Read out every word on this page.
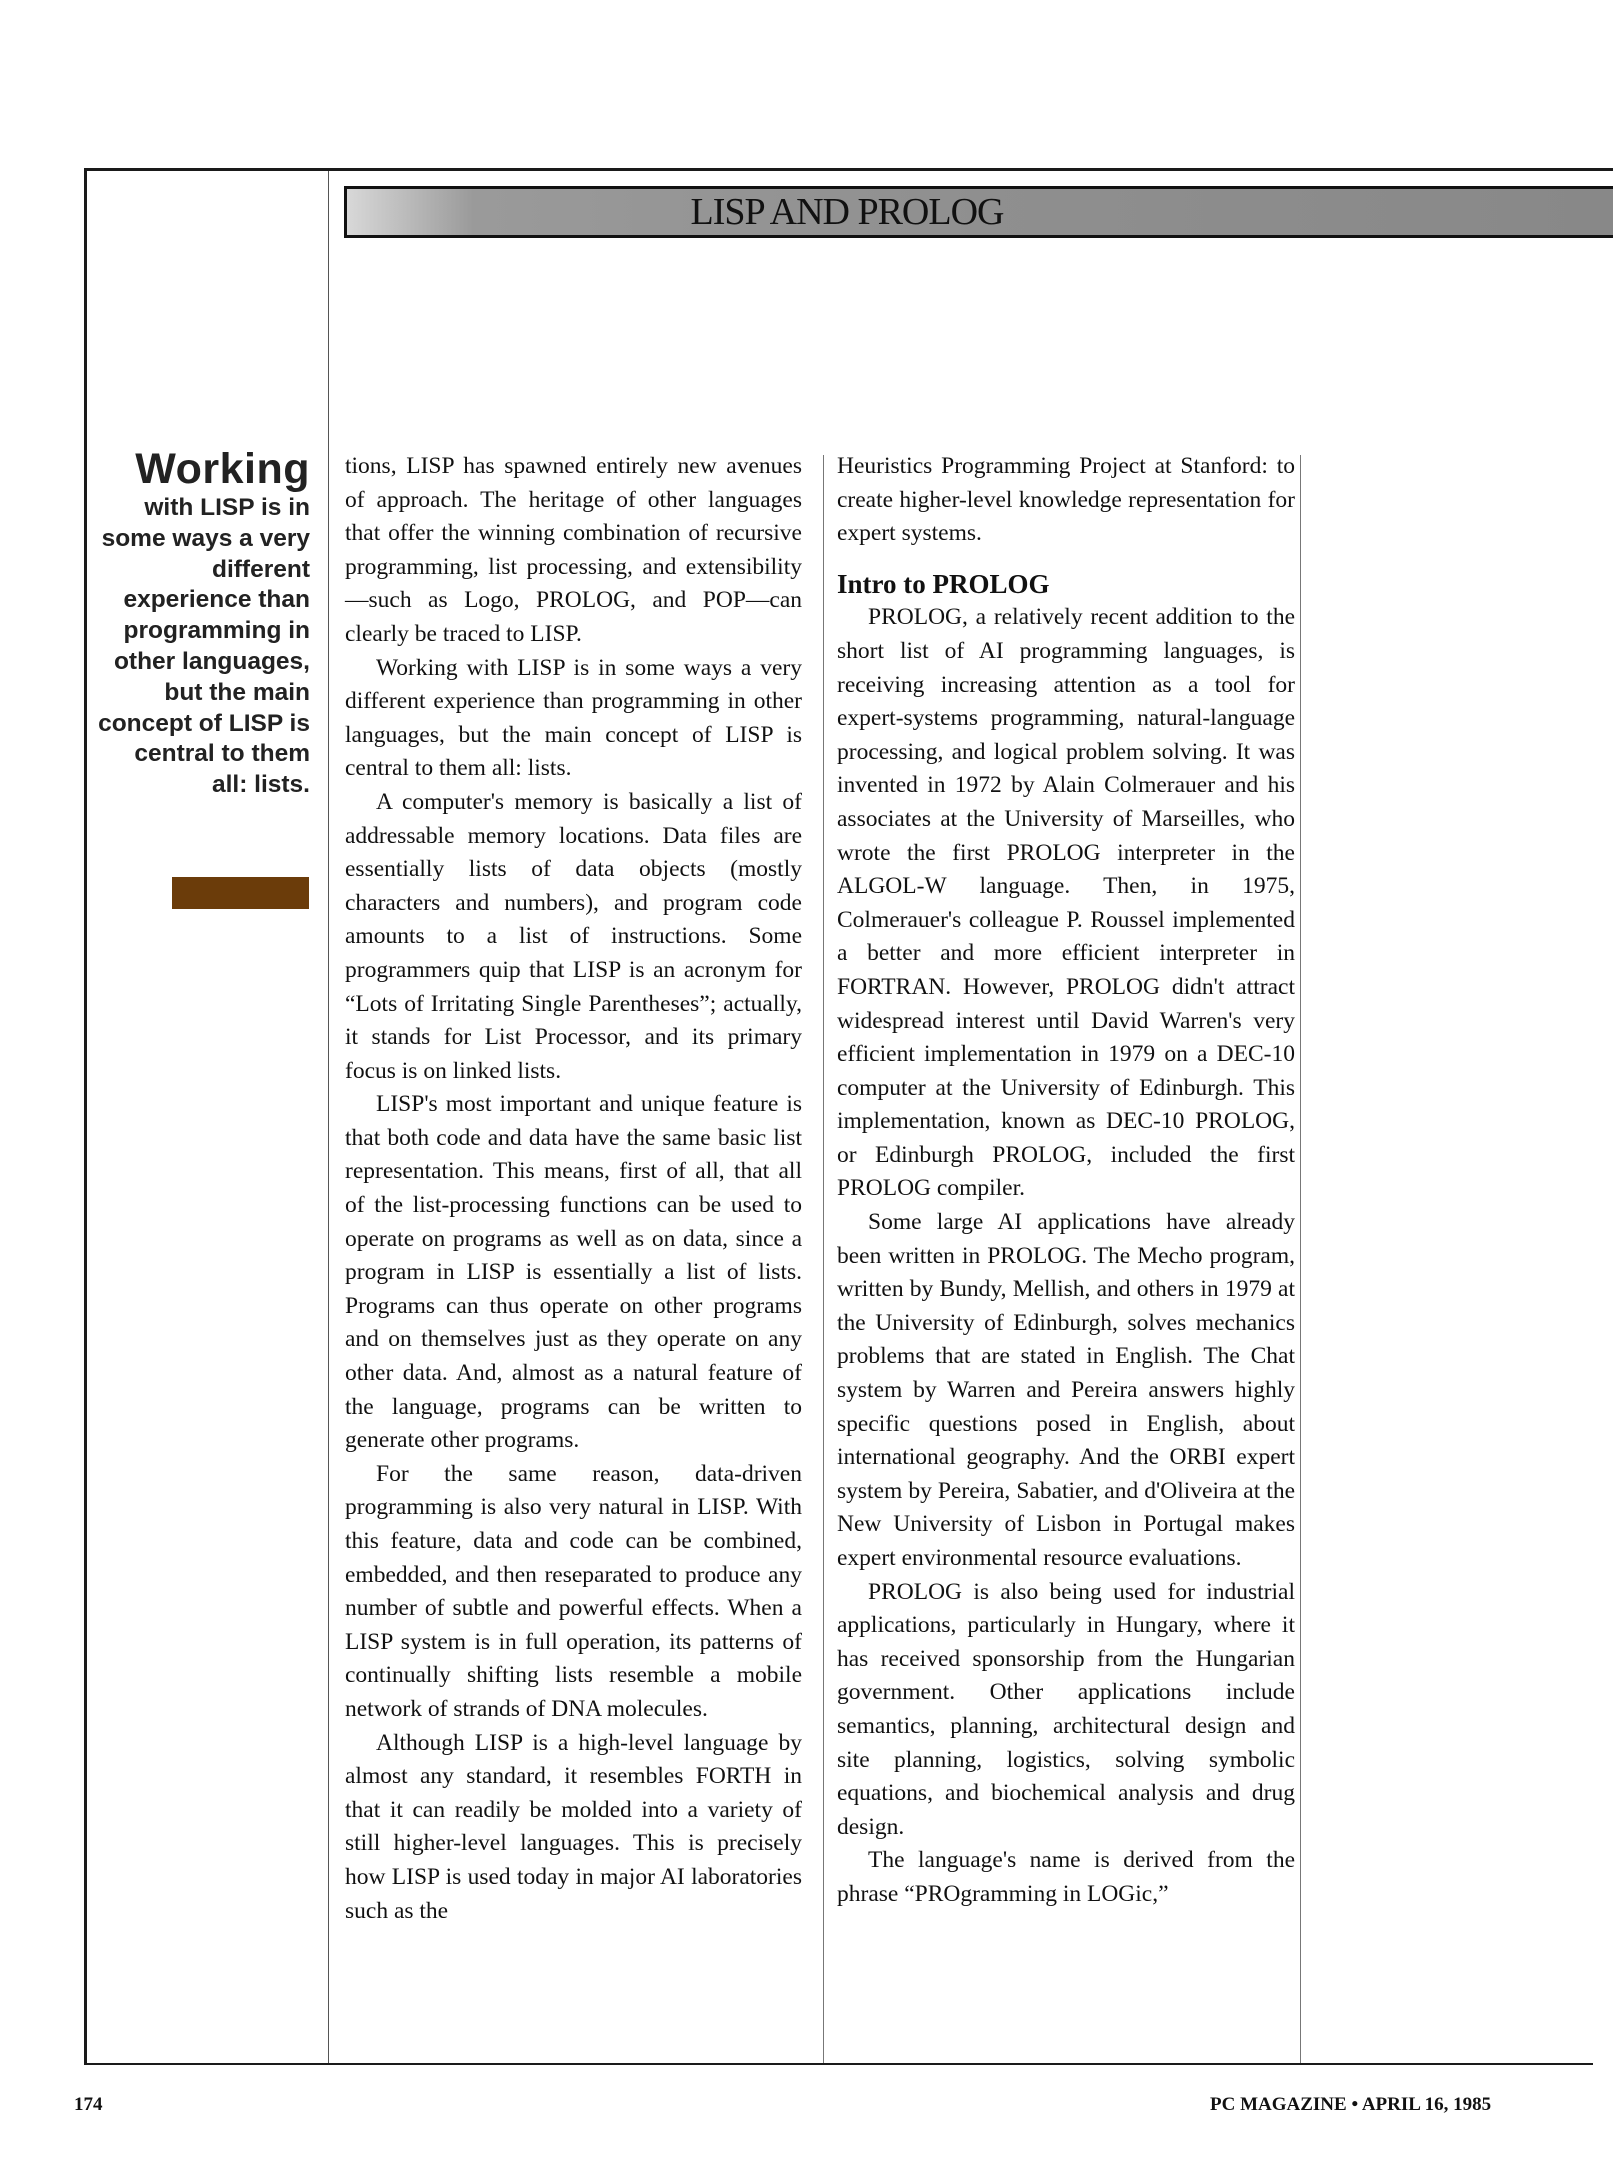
LISP AND PROLOG
Working
with LISP is in some ways a very different experience than programming in other languages, but the main concept of LISP is central to them all: lists.

tions, LISP has spawned entirely new avenues of approach. The heritage of other languages that offer the winning combination of recursive programming, list processing, and extensibility—such as Logo, PROLOG, and POP—can clearly be traced to LISP.

Working with LISP is in some ways a very different experience than programming in other languages, but the main concept of LISP is central to them all: lists.

A computer's memory is basically a list of addressable memory locations. Data files are essentially lists of data objects (mostly characters and numbers), and program code amounts to a list of instructions. Some programmers quip that LISP is an acronym for “Lots of Irritating Single Parentheses”; actually, it stands for List Processor, and its primary focus is on linked lists.

LISP's most important and unique feature is that both code and data have the same basic list representation. This means, first of all, that all of the list-processing functions can be used to operate on programs as well as on data, since a program in LISP is essentially a list of lists. Programs can thus operate on other programs and on themselves just as they operate on any other data. And, almost as a natural feature of the language, programs can be written to generate other programs.

For the same reason, data-driven programming is also very natural in LISP. With this feature, data and code can be combined, embedded, and then reseparated to produce any number of subtle and powerful effects. When a LISP system is in full operation, its patterns of continually shifting lists resemble a mobile network of strands of DNA molecules.

Although LISP is a high-level language by almost any standard, it resembles FORTH in that it can readily be molded into a variety of still higher-level languages. This is precisely how LISP is used today in major AI laboratories such as the

Heuristics Programming Project at Stanford: to create higher-level knowledge representation for expert systems.

Intro to PROLOG

PROLOG, a relatively recent addition to the short list of AI programming languages, is receiving increasing attention as a tool for expert-systems programming, natural-language processing, and logical problem solving. It was invented in 1972 by Alain Colmerauer and his associates at the University of Marseilles, who wrote the first PROLOG interpreter in the ALGOL-W language. Then, in 1975, Colmerauer's colleague P. Roussel implemented a better and more efficient interpreter in FORTRAN. However, PROLOG didn't attract widespread interest until David Warren's very efficient implementation in 1979 on a DEC-10 computer at the University of Edinburgh. This implementation, known as DEC-10 PROLOG, or Edinburgh PROLOG, included the first PROLOG compiler.

Some large AI applications have already been written in PROLOG. The Mecho program, written by Bundy, Mellish, and others in 1979 at the University of Edinburgh, solves mechanics problems that are stated in English. The Chat system by Warren and Pereira answers highly specific questions posed in English, about international geography. And the ORBI expert system by Pereira, Sabatier, and d'Oliveira at the New University of Lisbon in Portugal makes expert environmental resource evaluations.

PROLOG is also being used for industrial applications, particularly in Hungary, where it has received sponsorship from the Hungarian government. Other applications include semantics, planning, architectural design and site planning, logistics, solving symbolic equations, and biochemical analysis and drug design.

The language's name is derived from the phrase “PROgramming in LOGic,”

174	PC MAGAZINE • APRIL 16, 1985
